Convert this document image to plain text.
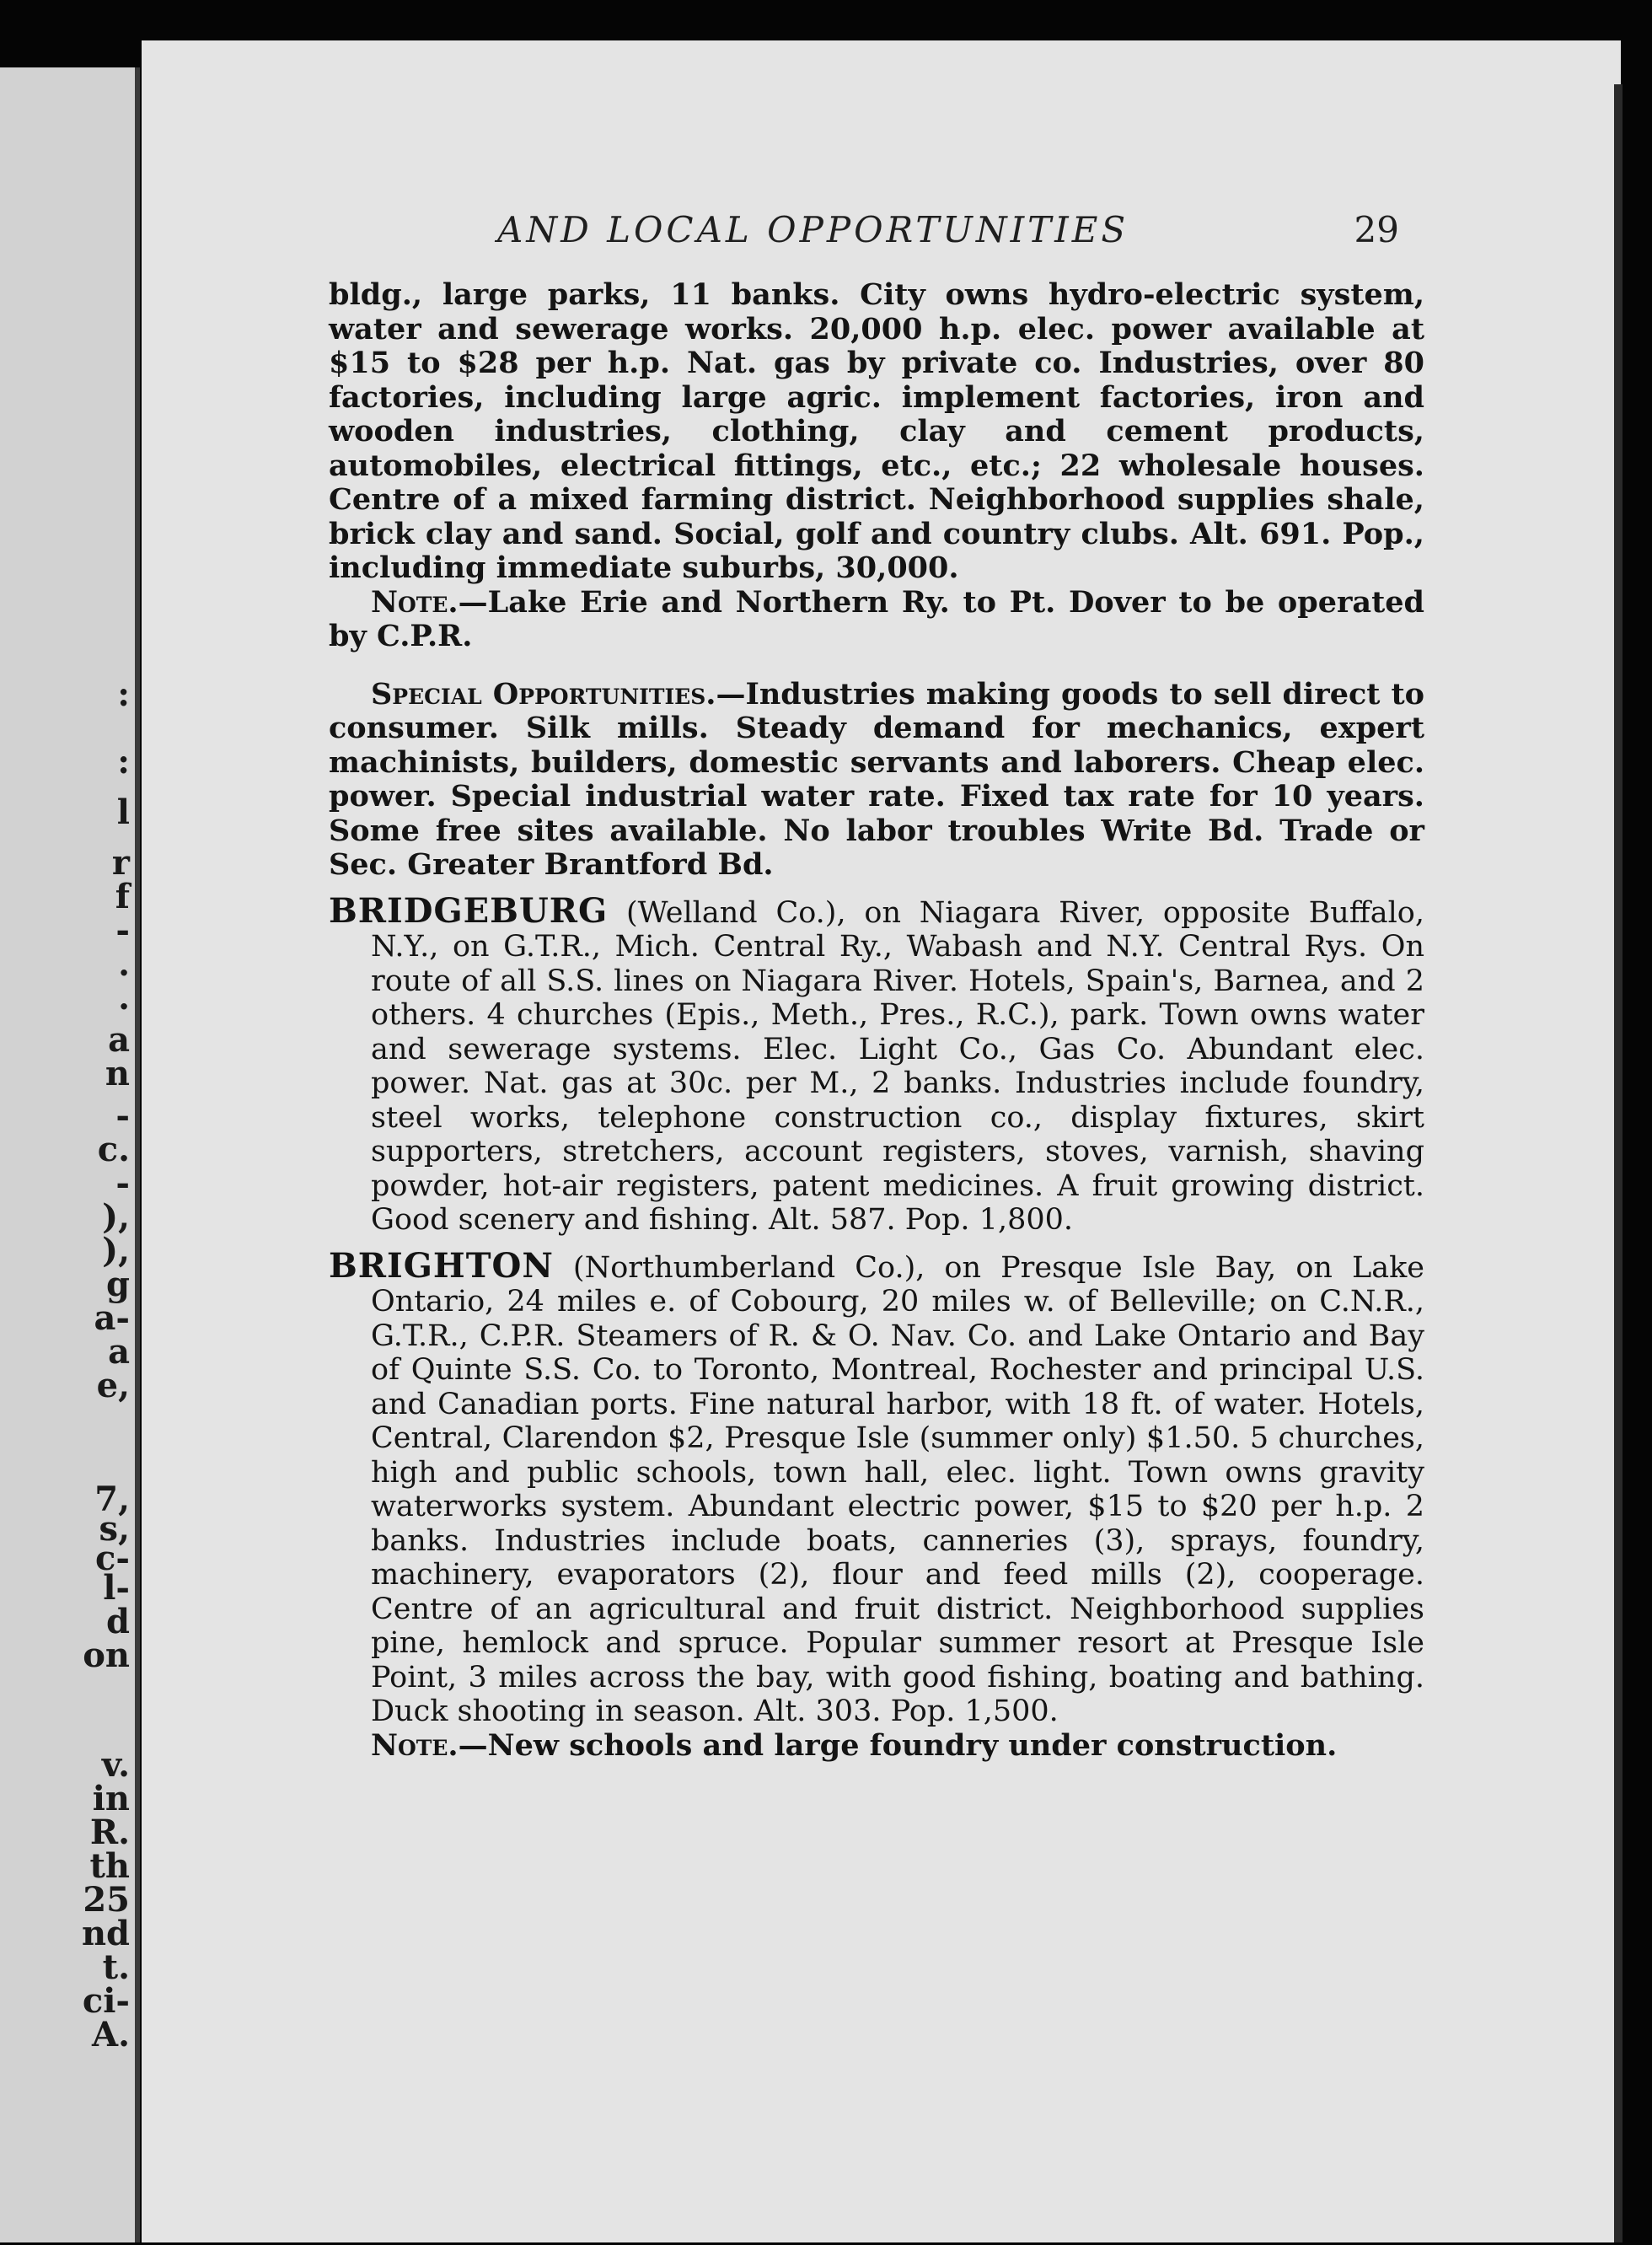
:
:
l
r
f
-
.
.
a
n
-
c.
-
),
),
g
a-
a
e,
7,
s,
c-
l-
d
on
v.
in
R.
th
25
nd
t.
ci-
A.
AND LOCAL OPPORTUNITIES	29

bldg., large parks, 11 banks. City owns hydro-electric system, water and sewerage works. 20,000 h.p. elec. power available at $15 to $28 per h.p. Nat. gas by private co. Industries, over 80 factories, including large agric. implement factories, iron and wooden industries, clothing, clay and cement products, automobiles, electrical fittings, etc., etc.; 22 wholesale houses. Centre of a mixed farming district. Neighborhood supplies shale, brick clay and sand. Social, golf and country clubs. Alt. 691. Pop., including immediate suburbs, 30,000.

Note.—Lake Erie and Northern Ry. to Pt. Dover to be operated by C.P.R.

Special Opportunities.—Industries making goods to sell direct to consumer. Silk mills. Steady demand for mechanics, expert machinists, builders, domestic servants and laborers. Cheap elec. power. Special industrial water rate. Fixed tax rate for 10 years. Some free sites available. No labor troubles Write Bd. Trade or Sec. Greater Brantford Bd.

BRIDGEBURG (Welland Co.), on Niagara River, opposite Buffalo, N.Y., on G.T.R., Mich. Central Ry., Wabash and N.Y. Central Rys. On route of all S.S. lines on Niagara River. Hotels, Spain's, Barnea, and 2 others. 4 churches (Epis., Meth., Pres., R.C.), park. Town owns water and sewerage systems. Elec. Light Co., Gas Co. Abundant elec. power. Nat. gas at 30c. per M., 2 banks. Industries include foundry, steel works, telephone construction co., display fixtures, skirt supporters, stretchers, account registers, stoves, varnish, shaving powder, hot-air registers, patent medicines. A fruit growing district. Good scenery and fishing. Alt. 587. Pop. 1,800.

BRIGHTON (Northumberland Co.), on Presque Isle Bay, on Lake Ontario, 24 miles e. of Cobourg, 20 miles w. of Belleville; on C.N.R., G.T.R., C.P.R. Steamers of R. & O. Nav. Co. and Lake Ontario and Bay of Quinte S.S. Co. to Toronto, Montreal, Rochester and principal U.S. and Canadian ports. Fine natural harbor, with 18 ft. of water. Hotels, Central, Clarendon $2, Presque Isle (summer only) $1.50. 5 churches, high and public schools, town hall, elec. light. Town owns gravity waterworks system. Abundant electric power, $15 to $20 per h.p. 2 banks. Industries include boats, canneries (3), sprays, foundry, machinery, evaporators (2), flour and feed mills (2), cooperage. Centre of an agricultural and fruit district. Neighborhood supplies pine, hemlock and spruce. Popular summer resort at Presque Isle Point, 3 miles across the bay, with good fishing, boating and bathing. Duck shooting in season. Alt. 303. Pop. 1,500.

Note.—New schools and large foundry under construction.
